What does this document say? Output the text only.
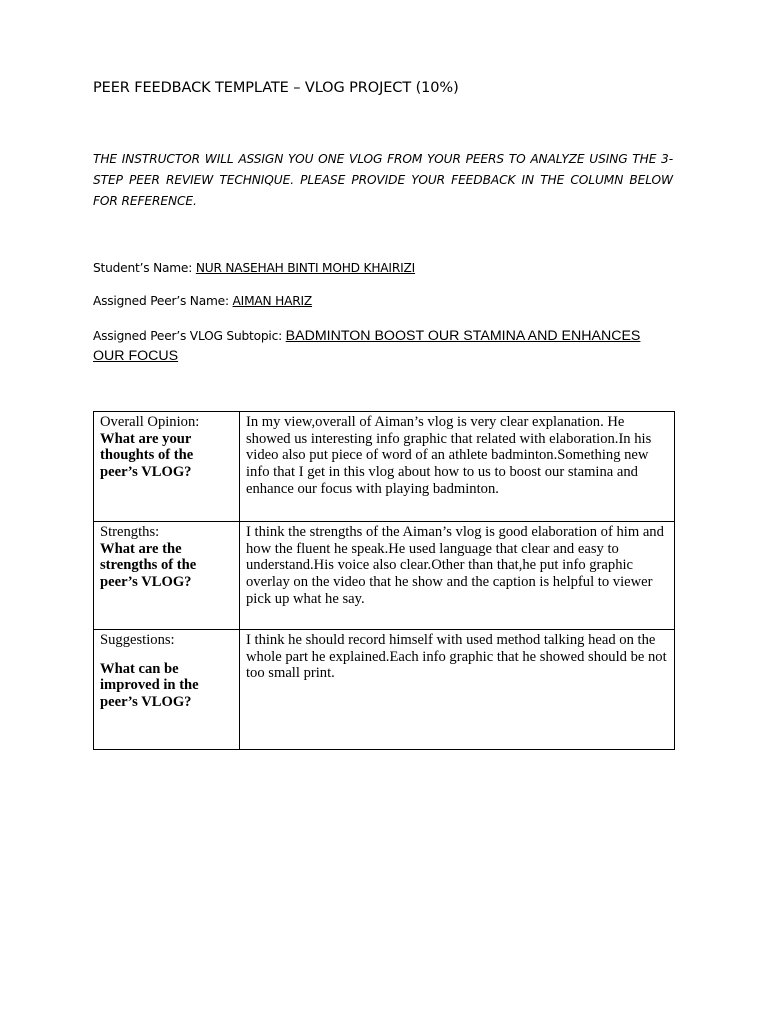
PEER FEEDBACK TEMPLATE – VLOG PROJECT (10%)
THE INSTRUCTOR WILL ASSIGN YOU ONE VLOG FROM YOUR PEERS TO ANALYZE USING THE 3-STEP PEER REVIEW TECHNIQUE. PLEASE PROVIDE YOUR FEEDBACK IN THE COLUMN BELOW FOR REFERENCE.
Student’s Name: NUR NASEHAH BINTI MOHD KHAIRIZI
Assigned Peer’s Name: AIMAN HARIZ
Assigned Peer’s VLOG Subtopic: BADMINTON BOOST OUR STAMINA AND ENHANCES OUR FOCUS
Overall Opinion:
What are your thoughts of the peer’s VLOG?	In my view,overall of Aiman’s vlog is very clear explanation. He showed us interesting info graphic that related with elaboration.In his video also put piece of word of an athlete badminton.Something new info that I get in this vlog about how to us to boost our stamina and enhance our focus with playing badminton.

Strengths:
What are the strengths of the peer’s VLOG?	I think the strengths of the Aiman’s vlog is good elaboration of him and how the fluent he speak.He used language that clear and easy to understand.His voice also clear.Other than that,he put info graphic overlay on the video that he show and the caption is helpful to viewer pick up what he say.

Suggestions:
What can be improved in the peer’s VLOG?	I think he should record himself with used method talking head on the whole part he explained.Each info graphic that he showed should be not too small print.
